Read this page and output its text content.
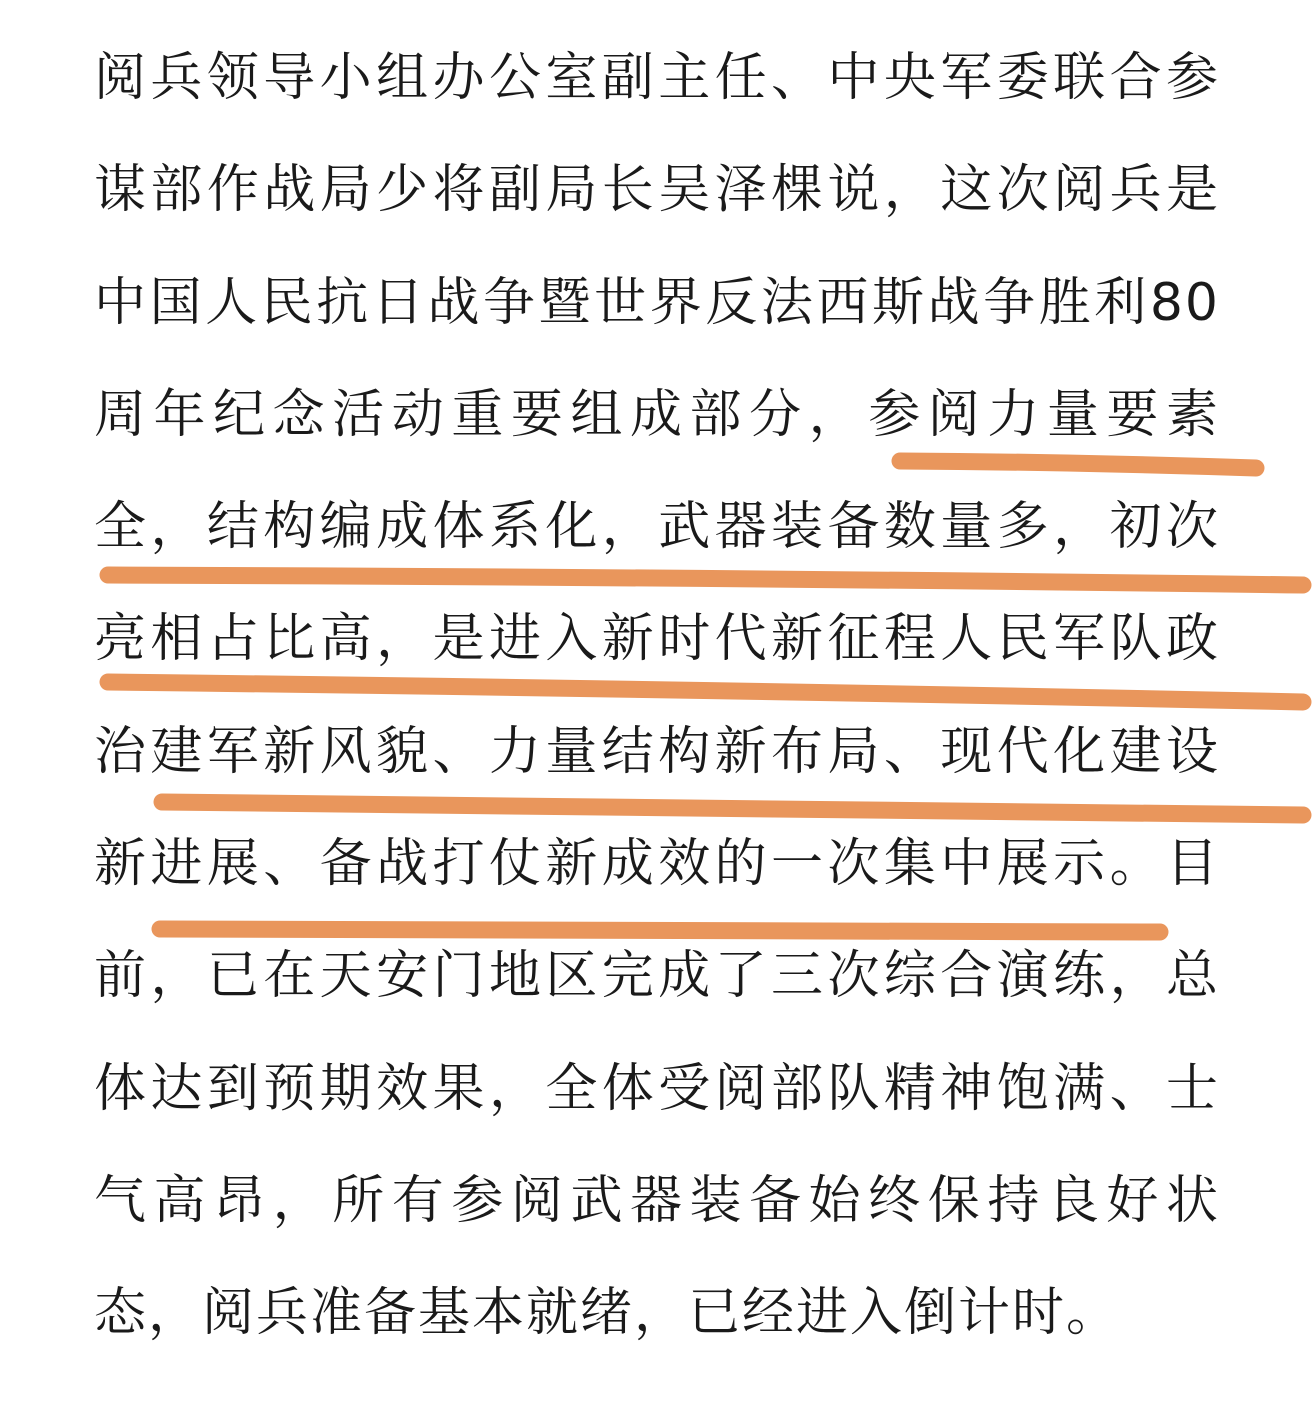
阅兵领导小组办公室副主任、中央军委联合参
谋部作战局少将副局长吴泽棵说，这次阅兵是
中国人民抗日战争暨世界反法西斯战争胜利80
周年纪念活动重要组成部分，参阅力量要素
全，结构编成体系化，武器装备数量多，初次
亮相占比高，是进入新时代新征程人民军队政
治建军新风貌、力量结构新布局、现代化建设
新进展、备战打仗新成效的一次集中展示。目
前，已在天安门地区完成了三次综合演练，总
体达到预期效果，全体受阅部队精神饱满、士
气高昂，所有参阅武器装备始终保持良好状
态，阅兵准备基本就绪，已经进入倒计时。
